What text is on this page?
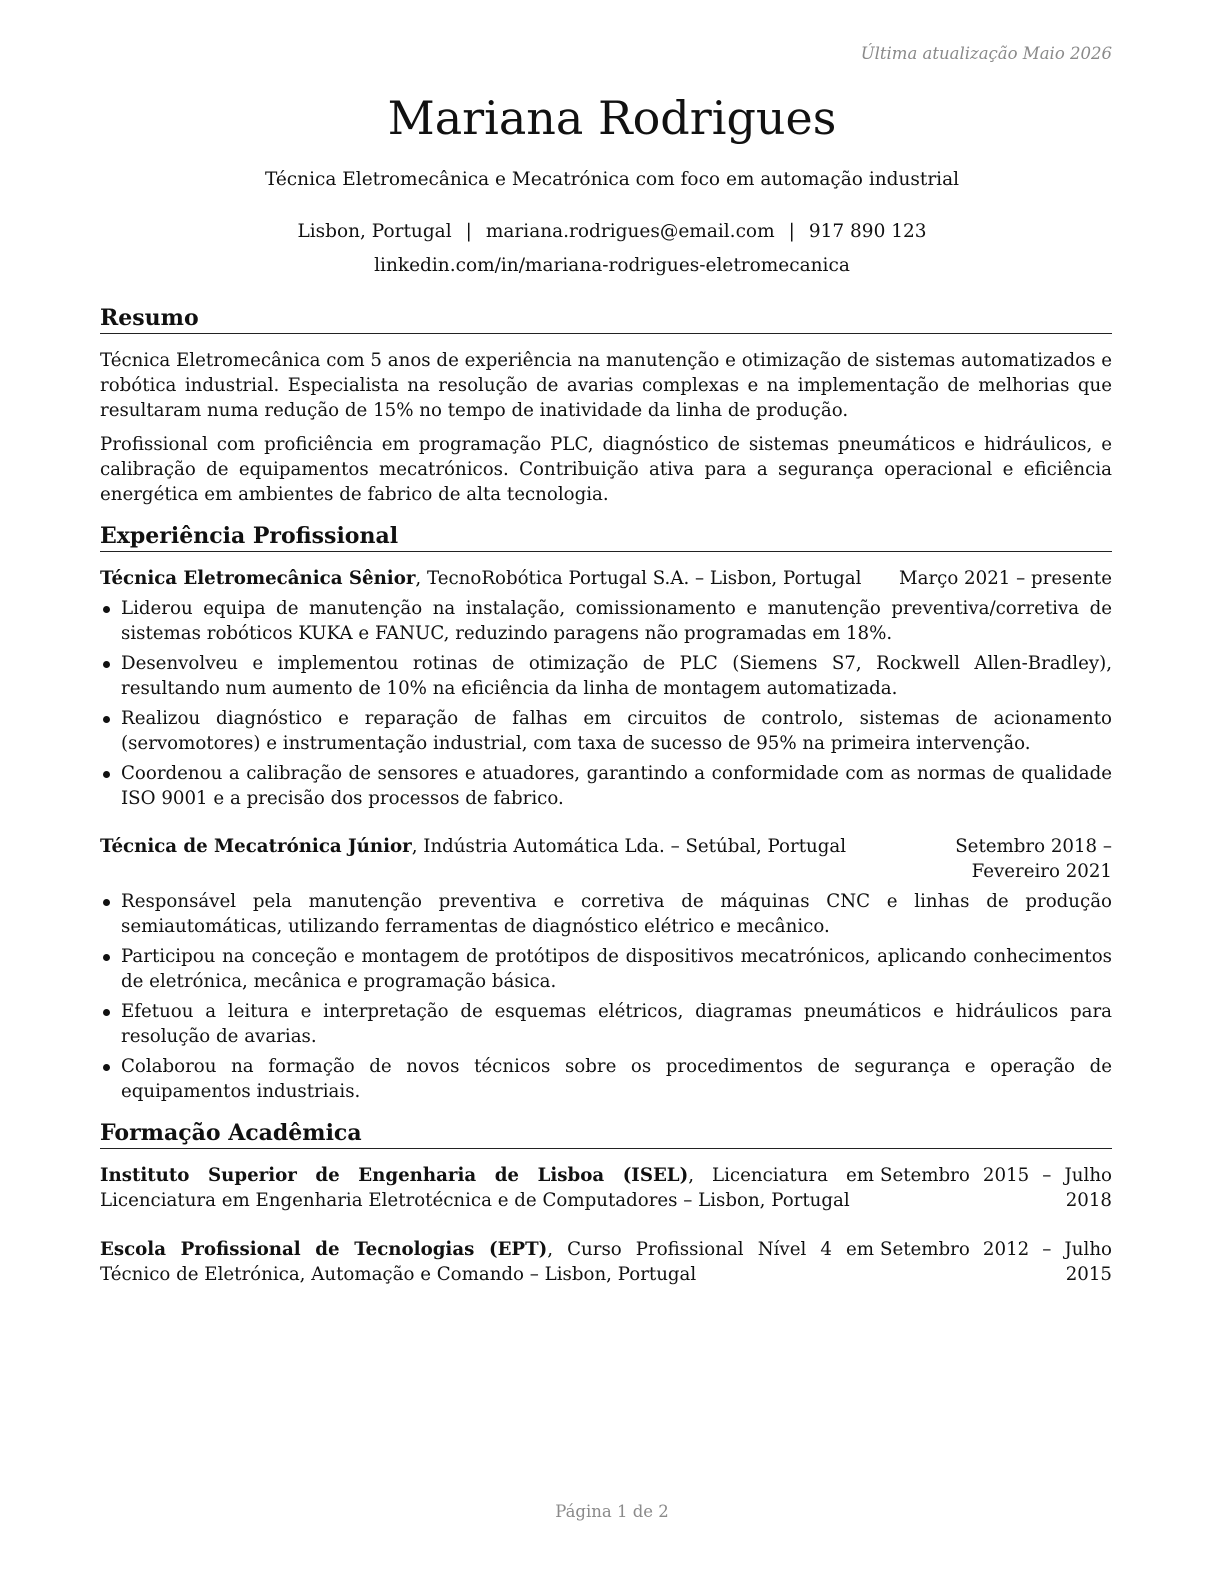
Última atualização Maio 2026
Mariana Rodrigues
Técnica Eletromecânica e Mecatrónica com foco em automação industrial
Lisbon, Portugal | mariana.rodrigues@email.com | 917 890 123
linkedin.com/in/mariana-rodrigues-eletromecanica
Resumo

Técnica Eletromecânica com 5 anos de experiência na manutenção e otimização de sistemas automatizados e robótica industrial. Especialista na resolução de avarias complexas e na implementação de melhorias que resultaram numa redução de 15% no tempo de inatividade da linha de produção.

Profissional com proficiência em programação PLC, diagnóstico de sistemas pneumáticos e hidráulicos, e calibração de equipamentos mecatrónicos. Contribuição ativa para a segurança operacional e eficiência energética em ambientes de fabrico de alta tecnologia.

Experiência Profissional
Técnica Eletromecânica Sênior, TecnoRobótica Portugal S.A. – Lisbon, Portugal	Março 2021 – presente
Liderou equipa de manutenção na instalação, comissionamento e manutenção preventiva/corretiva de sistemas robóticos KUKA e FANUC, reduzindo paragens não programadas em 18%.
Desenvolveu e implementou rotinas de otimização de PLC (Siemens S7, Rockwell Allen-Bradley), resultando num aumento de 10% na eficiência da linha de montagem automatizada.
Realizou diagnóstico e reparação de falhas em circuitos de controlo, sistemas de acionamento (servomotores) e instrumentação industrial, com taxa de sucesso de 95% na primeira intervenção.
Coordenou a calibração de sensores e atuadores, garantindo a conformidade com as normas de qualidade ISO 9001 e a precisão dos processos de fabrico.
Técnica de Mecatrónica Júnior, Indústria Automática Lda. – Setúbal, Portugal	Setembro 2018 – Fevereiro 2021
Responsável pela manutenção preventiva e corretiva de máquinas CNC e linhas de produção semiautomáticas, utilizando ferramentas de diagnóstico elétrico e mecânico.
Participou na conceção e montagem de protótipos de dispositivos mecatrónicos, aplicando conhecimentos de eletrónica, mecânica e programação básica.
Efetuou a leitura e interpretação de esquemas elétricos, diagramas pneumáticos e hidráulicos para resolução de avarias.
Colaborou na formação de novos técnicos sobre os procedimentos de segurança e operação de equipamentos industriais.
Formação Acadêmica
Instituto Superior de Engenharia de Lisboa (ISEL), Licenciatura em Licenciatura em Engenharia Eletrotécnica e de Computadores – Lisbon, Portugal
Setembro 2015 – Julho 2018
Escola Profissional de Tecnologias (EPT), Curso Profissional Nível 4 em Técnico de Eletrónica, Automação e Comando – Lisbon, Portugal
Setembro 2012 – Julho 2015
Página 1 de 2
